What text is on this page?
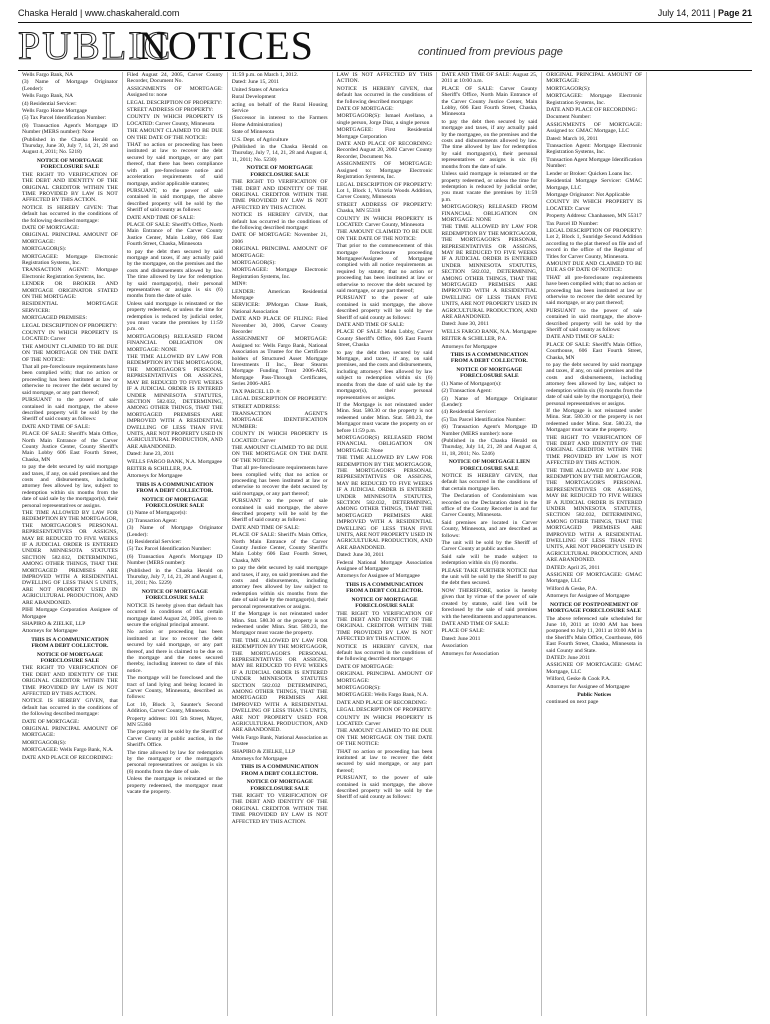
Chaska Herald | www.chaskaherald.com	July 14, 2011 | Page 21
PUBLIC
NOTICES	continued from previous page

Wells Fargo Bank, NA

(3) Name of Mortgage Originator (Lender):

Wells Fargo Bank, NA

(4) Residential Servicer:

Wells Fargo Home Mortgage

(5) Tax Parcel Identification Number:

(6) Transaction Agent's Mortgage ID Number (MERS number): None

(Published in the Chaska Herald on Thursday, June 30, July 7, 14, 21, 28 and August 4, 2011; No. 5218)

NOTICE OF MORTGAGE FORECLOSURE SALE

THE RIGHT TO VERIFICATION OF THE DEBT AND IDENTITY OF THE ORIGINAL CREDITOR WITHIN THE TIME PROVIDED BY LAW IS NOT AFFECTED BY THIS ACTION.

NOTICE IS HEREBY GIVEN: That default has occurred in the conditions of the following described mortgage:

DATE OF MORTGAGE:

ORIGINAL PRINCIPAL AMOUNT OF MORTGAGE:

MORTGAGOR(S):

MORTGAGEE: Mortgage Electronic Registration Systems, Inc.

TRANSACTION AGENT: Mortgage Electronic Registration Systems, Inc.

LENDER OR BROKER AND MORTGAGE ORIGINATOR STATED ON THE MORTGAGE:

RESIDENTIAL MORTGAGE SERVICER:

MORTGAGED PREMISES:

LEGAL DESCRIPTION OF PROPERTY:

COUNTY IN WHICH PROPERTY IS LOCATED: Carver

THE AMOUNT CLAIMED TO BE DUE ON THE MORTGAGE ON THE DATE OF THE NOTICE:

That all pre-foreclosure requirements have been complied with; that no action or proceeding has been instituted at law or otherwise to recover the debt secured by said mortgage, or any part thereof;

PURSUANT to the power of sale contained in said mortgage, the above described property will be sold by the Sheriff of said county as follows:

DATE AND TIME OF SALE:

PLACE OF SALE: Sheriff's Main Office, North Main Entrance of the Carver County Justice Center, County Sheriff's Main Lobby 606 East Fourth Street, Chaska, MN

to pay the debt secured by said mortgage and taxes, if any, on said premises and the costs and disbursements, including attorney fees allowed by law, subject to redemption within six months from the date of said sale by the mortgagor(s), their personal representatives or assigns.

THE TIME ALLOWED BY LAW FOR REDEMPTION BY THE MORTGAGOR, THE MORTGAGOR'S PERSONAL REPRESENTATIVES OR ASSIGNS, MAY BE REDUCED TO FIVE WEEKS IF A JUDICIAL ORDER IS ENTERED UNDER MINNESOTA STATUTES SECTION 582.032, DETERMINING, AMONG OTHER THINGS, THAT THE MORTGAGED PREMISES ARE IMPROVED WITH A RESIDENTIAL DWELLING OF LESS THAN 5 UNITS, ARE NOT PROPERTY USED IN AGRICULTURAL PRODUCTION, AND ARE ABANDONED.

PIHI Mortgage Corporation Assignee of Mortgagee

SHAPIRO & ZIELKE, LLP

Attorneys for Mortgagee

THIS IS A COMMUNICATION FROM A DEBT COLLECTOR.

NOTICE OF MORTGAGE FORECLOSURE SALE

THE RIGHT TO VERIFICATION OF THE DEBT AND IDENTITY OF THE ORIGINAL CREDITOR WITHIN THE TIME PROVIDED BY LAW IS NOT AFFECTED BY THIS ACTION.

NOTICE IS HEREBY GIVEN, that default has occurred in the conditions of the following described mortgage:

DATE OF MORTGAGE:

ORIGINAL PRINCIPAL AMOUNT OF MORTGAGE:

MORTGAGOR(S):

MORTGAGEE: Wells Fargo Bank, N.A.

DATE AND PLACE OF RECORDING:

Filed August 24, 2005, Carver County Recorder, Document No.

ASSIGNMENTS OF MORTGAGE: Assigned to: none

LEGAL DESCRIPTION OF PROPERTY:

STREET ADDRESS OF PROPERTY:

COUNTY IN WHICH PROPERTY IS LOCATED: Carver County, Minnesota

THE AMOUNT CLAIMED TO BE DUE ON THE DATE OF THE NOTICE:

THAT no action or proceeding has been instituted at law to recover the debt secured by said mortgage, or any part thereof, that there has been compliance with all pre-foreclosure notice and acceleration requirements of said mortgage, and/or applicable statutes;

PURSUANT, to the power of sale contained in said mortgage, the above described property will be sold by the Sheriff of said county as follows:

DATE AND TIME OF SALE:

PLACE OF SALE: Sheriff's Office, North Main Entrance of the Carver County Justice Center, Main Lobby, 606 East Fourth Street, Chaska, Minnesota

to pay the debt then secured by said mortgage and taxes, if any actually paid by the mortgagee, on the premises and the costs and disbursements allowed by law. The time allowed by law for redemption by said mortgagor(s), their personal representatives or assigns is six (6) months from the date of sale.

Unless said mortgage is reinstated or the property redeemed, or unless the time for redemption is reduced by judicial order, you must vacate the premises by 11:59 p.m. on

MORTGAGOR(S) RELEASED FROM FINANCIAL OBLIGATION ON MORTGAGE: NONE

THE TIME ALLOWED BY LAW FOR REDEMPTION BY THE MORTGAGOR, THE MORTGAGOR'S PERSONAL REPRESENTATIVES OR ASSIGNS, MAY BE REDUCED TO FIVE WEEKS IF A JUDICIAL ORDER IS ENTERED UNDER MINNESOTA STATUTES, SECTION 582.032, DETERMINING, AMONG OTHER THINGS, THAT THE MORTGAGED PREMISES ARE IMPROVED WITH A RESIDENTIAL DWELLING OF LESS THAN FIVE UNITS, ARE NOT PROPERTY USED IN AGRICULTURAL PRODUCTION, AND ARE ABANDONED.

Dated: June 23, 2011

WELLS FARGO BANK, N.A. Mortgagee

REITER & SCHILLER, P.A.

Attorneys for Mortgagee

THIS IS A COMMUNICATION FROM A DEBT COLLECTOR.

NOTICE OF MORTGAGE FORECLOSURE SALE

(1) Name of Mortgagor(s):

(2) Transaction Agent:

(3) Name of Mortgage Originator (Lender):

(4) Residential Servicer:

(5) Tax Parcel Identification Number:

(6) Transaction Agent's Mortgage ID Number (MERS number):

(Published in the Chaska Herald on Thursday, July 7, 14, 21, 28 and August 4, 11, 2011; No. 5229)

NOTICE OF MORTGAGE FORECLOSURE SALE

NOTICE IS hereby given that default has occurred in conditions of that certain mortgage dated August 24, 2005, given to secure the original principal amount.

No action or proceeding has been instituted at law to recover the debt secured by said mortgage, or any part thereof, and there is claimed to be due on the mortgage and the notes secured thereby, including interest to date of this notice.

The mortgage will be foreclosed and the tract of land lying and being located in Carver County, Minnesota, described as follows:

Lot 10, Block 3, Saunter's Second Addition, Carver County, Minnesota.

Property address: 101 5th Street, Mayer, MN 55360

The property will be sold by the Sheriff of Carver County at public auction, in the Sheriff's Office.

The time allowed by law for redemption by the mortgagor or the mortgagor's personal representatives or assigns is six (6) months from the date of sale.

Unless the mortgage is reinstated or the property redeemed, the mortgagor must vacate the property.

11:59 p.m. on March 1, 2012.

Dated: June 15, 2011

United States of America

Rural Development

acting on behalf of the Rural Housing Service

(Successor in interest to the Farmers Home Administration)

State of Minnesota

U.S. Dept. of Agriculture

(Published in the Chaska Herald on Thursday, July 7, 14, 21, 28 and August 4, 11, 2011; No. 5230)

NOTICE OF MORTGAGE FORECLOSURE SALE

THE RIGHT TO VERIFICATION OF THE DEBT AND IDENTITY OF THE ORIGINAL CREDITOR WITHIN THE TIME PROVIDED BY LAW IS NOT AFFECTED BY THIS ACTION.

NOTICE IS HEREBY GIVEN, that default has occurred in the conditions of the following described mortgage:

DATE OF MORTGAGE: November 21, 2006

ORIGINAL PRINCIPAL AMOUNT OF MORTGAGE:

MORTGAGOR(S):

MORTGAGEE: Mortgage Electronic Registration Systems, Inc.

MIN#:

LENDER: American Residential Mortgage

SERVICER: JPMorgan Chase Bank, National Association

DATE AND PLACE OF FILING: Filed November 30, 2006, Carver County Recorder

ASSIGNMENT OF MORTGAGE: Assigned to: Wells Fargo Bank, National Association as Trustee for the Certificate holders of Structured Asset Mortgage Investments II Inc., Bear Stearns Mortgage Funding Trust 2006-AR5, Mortgage Pass-Through Certificates, Series 2006-AR5

TAX PARCEL I.D. #:

LEGAL DESCRIPTION OF PROPERTY:

STREET ADDRESS:

TRANSACTION AGENT'S MORTGAGE IDENTIFICATION NUMBER:

COUNTY IN WHICH PROPERTY IS LOCATED: Carver

THE AMOUNT CLAIMED TO BE DUE ON THE MORTGAGE ON THE DATE OF THE NOTICE:

That all pre-foreclosure requirements have been complied with; that no action or proceeding has been instituted at law or otherwise to recover the debt secured by said mortgage, or any part thereof;

PURSUANT to the power of sale contained in said mortgage, the above described property will be sold by the Sheriff of said county as follows:

DATE AND TIME OF SALE:

PLACE OF SALE: Sheriff's Main Office, North Main Entrance of the Carver County Justice Center, County Sheriff's Main Lobby 606 East Fourth Street, Chaska, MN

to pay the debt secured by said mortgage and taxes, if any, on said premises and the costs and disbursements, including attorney fees allowed by law subject to redemption within six months from the date of said sale by the mortgagor(s), their personal representatives or assigns.

If the Mortgage is not reinstated under Minn. Stat. 580.30 or the property is not redeemed under Minn. Stat. 580.23, the Mortgagor must vacate the property.

THE TIME ALLOWED BY LAW FOR REDEMPTION BY THE MORTGAGOR, THE MORTGAGOR'S PERSONAL REPRESENTATIVES OR ASSIGNS, MAY BE REDUCED TO FIVE WEEKS IF A JUDICIAL ORDER IS ENTERED UNDER MINNESOTA STATUTES SECTION 582.032 DETERMINING, AMONG OTHER THINGS, THAT THE MORTGAGED PREMISES ARE IMPROVED WITH A RESIDENTIAL DWELLING OF LESS THAN 5 UNITS, ARE NOT PROPERTY USED FOR AGRICULTURAL PRODUCTION, AND ARE ABANDONED.

Wells Fargo Bank, National Association as Trustee

SHAPIRO & ZIELKE, LLP

Attorneys for Mortgagee

THIS IS A COMMUNICATION FROM A DEBT COLLECTOR.

NOTICE OF MORTGAGE FORECLOSURE SALE

THE RIGHT TO VERIFICATION OF THE DEBT AND IDENTITY OF THE ORIGINAL CREDITOR WITHIN THE TIME PROVIDED BY LAW IS NOT AFFECTED BY THIS ACTION.

LAW IS NOT AFFECTED BY THIS ACTION.

NOTICE IS HEREBY GIVEN, that default has occurred in the conditions of the following described mortgage:

DATE OF MORTGAGE:

MORTGAGOR(S): Ismael Arellano, a single person, Jorge Diaz, a single person

MORTGAGEE: First Residential Mortgage Corporation

DATE AND PLACE OF RECORDING: Recorded August 20, 2002 Carver County Recorder, Document No.

ASSIGNMENTS OF MORTGAGE: Assigned to: Mortgage Electronic Registration Systems, Inc.

LEGAL DESCRIPTION OF PROPERTY: Lot 1, Block 1, Victoria Woods Addition, Carver County, Minnesota

STREET ADDRESS OF PROPERTY: Chaska, MN 55318

COUNTY IN WHICH PROPERTY IS LOCATED: Carver County, Minnesota

THE AMOUNT CLAIMED TO BE DUE ON THE DATE OF THE NOTICE:

That prior to the commencement of this mortgage foreclosure proceeding Mortgagee/Assignee of Mortgagee complied with all notice requirements as required by statute; that no action or proceeding has been instituted at law or otherwise to recover the debt secured by said mortgage, or any part thereof;

PURSUANT to the power of sale contained in said mortgage, the above described property will be sold by the Sheriff of said county as follows:

DATE AND TIME OF SALE:

PLACE OF SALE: Main Lobby, Carver County Sheriff's Office, 606 East Fourth Street, Chaska

to pay the debt then secured by said Mortgage, and taxes, if any, on said premises, and the costs and disbursements, including attorneys' fees allowed by law subject to redemption within six (6) months from the date of said sale by the mortgagor(s), their personal representatives or assigns.

If the Mortgage is not reinstated under Minn. Stat. 580.30 or the property is not redeemed under Minn. Stat. 580.23, the Mortgagor must vacate the property on or before 11:59 p.m.

MORTGAGOR(S) RELEASED FROM FINANCIAL OBLIGATION ON MORTGAGE: None

THE TIME ALLOWED BY LAW FOR REDEMPTION BY THE MORTGAGOR, THE MORTGAGOR'S PERSONAL REPRESENTATIVES OR ASSIGNS, MAY BE REDUCED TO FIVE WEEKS IF A JUDICIAL ORDER IS ENTERED UNDER MINNESOTA STATUTES, SECTION 582.032, DETERMINING, AMONG OTHER THINGS, THAT THE MORTGAGED PREMISES ARE IMPROVED WITH A RESIDENTIAL DWELLING OF LESS THAN FIVE UNITS, ARE NOT PROPERTY USED IN AGRICULTURAL PRODUCTION, AND ARE ABANDONED.

Dated: June 30, 2011

Federal National Mortgage Association Assignee of Mortgagee

Attorneys for Assignee of Mortgagee

THIS IS A COMMUNICATION FROM A DEBT COLLECTOR.

NOTICE OF MORTGAGE FORECLOSURE SALE

THE RIGHT TO VERIFICATION OF THE DEBT AND IDENTITY OF THE ORIGINAL CREDITOR WITHIN THE TIME PROVIDED BY LAW IS NOT AFFECTED BY THIS ACTION.

NOTICE IS HEREBY GIVEN, that default has occurred in the conditions of the following described mortgage:

DATE OF MORTGAGE:

ORIGINAL PRINCIPAL AMOUNT OF MORTGAGE:

MORTGAGOR(S):

MORTGAGEE: Wells Fargo Bank, N.A.

DATE AND PLACE OF RECORDING:

LEGAL DESCRIPTION OF PROPERTY:

COUNTY IN WHICH PROPERTY IS LOCATED: Carver

THE AMOUNT CLAIMED TO BE DUE ON THE MORTGAGE ON THE DATE OF THE NOTICE:

THAT no action or proceeding has been instituted at law to recover the debt secured by said mortgage, or any part thereof;

PURSUANT, to the power of sale contained in said mortgage, the above described property will be sold by the Sheriff of said county as follows:

DATE AND TIME OF SALE: August 25, 2011 at 10:00 a.m.

PLACE OF SALE: Carver County Sheriff's Office, North Main Entrance of the Carver County Justice Center, Main Lobby, 606 East Fourth Street, Chaska, Minnesota

to pay the debt then secured by said mortgage and taxes, if any actually paid by the mortgagee, on the premises and the costs and disbursements allowed by law. The time allowed by law for redemption by said mortgagor(s), their personal representatives or assigns is six (6) months from the date of sale.

Unless said mortgage is reinstated or the property redeemed, or unless the time for redemption is reduced by judicial order, you must vacate the premises by 11:59 p.m.

MORTGAGOR(S) RELEASED FROM FINANCIAL OBLIGATION ON MORTGAGE: NONE

THE TIME ALLOWED BY LAW FOR REDEMPTION BY THE MORTGAGOR, THE MORTGAGOR'S PERSONAL REPRESENTATIVES OR ASSIGNS, MAY BE REDUCED TO FIVE WEEKS IF A JUDICIAL ORDER IS ENTERED UNDER MINNESOTA STATUTES, SECTION 582.032, DETERMINING, AMONG OTHER THINGS, THAT THE MORTGAGED PREMISES ARE IMPROVED WITH A RESIDENTIAL DWELLING OF LESS THAN FIVE UNITS, ARE NOT PROPERTY USED IN AGRICULTURAL PRODUCTION, AND ARE ABANDONED.

Dated: June 30, 2011

WELLS FARGO BANK, N.A. Mortgagee

REITER & SCHILLER, P.A.

Attorneys for Mortgagee

THIS IS A COMMUNICATION FROM A DEBT COLLECTOR.

NOTICE OF MORTGAGE FORECLOSURE SALE

(1) Name of Mortgagor(s):

(2) Transaction Agent:

(3) Name of Mortgage Originator (Lender):

(4) Residential Servicer:

(5) Tax Parcel Identification Number:

(6) Transaction Agent's Mortgage ID Number (MERS number): none

(Published in the Chaska Herald on Thursday, July 14, 21, 28 and August 4, 11, 18, 2011; No. 5246)

NOTICE OF MORTGAGE LIEN FORECLOSURE SALE

NOTICE IS HEREBY GIVEN, that default has occurred in the conditions of that certain mortgage lien.

The Declaration of Condominium was recorded on the Declaration dated in the office of the County Recorder in and for Carver County, Minnesota.

Said premises are located in Carver County, Minnesota, and are described as follows:

The unit will be sold by the Sheriff of Carver County at public auction.

Said sale will be made subject to redemption within six (6) months.

PLEASE TAKE FURTHER NOTICE that the unit will be sold by the Sheriff to pay the debt then secured.

NOW THEREFORE, notice is hereby given that by virtue of the power of sale created by statute, said lien will be foreclosed by the sale of said premises with the hereditaments and appurtenances.

DATE AND TIME OF SALE:

PLACE OF SALE:

Dated: June 2011

Association

Attorneys for Association

ORIGINAL PRINCIPAL AMOUNT OF MORTGAGE:

MORTGAGOR(S):

MORTGAGEE: Mortgage Electronic Registration Systems, Inc.

DATE AND PLACE OF RECORDING:

Document Number:

ASSIGNMENTS OF MORTGAGE: Assigned to: GMAC Mortgage, LLC

Dated: March 16, 2011

Transaction Agent: Mortgage Electronic Registration Systems, Inc.

Transaction Agent Mortgage Identification Number:

Lender or Broker: Quicken Loans Inc.

Residential Mortgage Servicer: GMAC Mortgage, LLC

Mortgage Originator: Not Applicable

COUNTY IN WHICH PROPERTY IS LOCATED: Carver

Property Address: Chanhassen, MN 55317

Tax Parcel ID Number:

LEGAL DESCRIPTION OF PROPERTY: Lot 2, Block 1, Sunridge Second Addition according to the plat thereof on file and of record in the office of the Registrar of Titles for Carver County, Minnesota.

AMOUNT DUE AND CLAIMED TO BE DUE AS OF DATE OF NOTICE:

THAT all pre-foreclosure requirements have been complied with; that no action or proceeding has been instituted at law or otherwise to recover the debt secured by said mortgage, or any part thereof;

PURSUANT to the power of sale contained in said mortgage, the above-described property will be sold by the Sheriff of said county as follows:

DATE AND TIME OF SALE:

PLACE OF SALE: Sheriff's Main Office, Courthouse, 606 East Fourth Street, Chaska, MN

to pay the debt secured by said mortgage and taxes, if any, on said premises and the costs and disbursements, including attorney fees allowed by law, subject to redemption within six (6) months from the date of said sale by the mortgagor(s), their personal representatives or assigns.

If the Mortgage is not reinstated under Minn. Stat. 580.30 or the property is not redeemed under Minn. Stat. 580.23, the Mortgagor must vacate the property.

THE RIGHT TO VERIFICATION OF THE DEBT AND IDENTITY OF THE ORIGINAL CREDITOR WITHIN THE TIME PROVIDED BY LAW IS NOT AFFECTED BY THIS ACTION.

THE TIME ALLOWED BY LAW FOR REDEMPTION BY THE MORTGAGOR, THE MORTGAGOR'S PERSONAL REPRESENTATIVES OR ASSIGNS, MAY BE REDUCED TO FIVE WEEKS IF A JUDICIAL ORDER IS ENTERED UNDER MINNESOTA STATUTES, SECTION 582.032, DETERMINING, AMONG OTHER THINGS, THAT THE MORTGAGED PREMISES ARE IMPROVED WITH A RESIDENTIAL DWELLING OF LESS THAN FIVE UNITS, ARE NOT PROPERTY USED IN AGRICULTURAL PRODUCTION, AND ARE ABANDONED.

DATED: April 25, 2011

ASSIGNEE OF MORTGAGEE: GMAC Mortgage, LLC

Wilford & Geske, P.A.

Attorneys for Assignee of Mortgagee

NOTICE OF POSTPONEMENT OF MORTGAGE FORECLOSURE SALE

The above referenced sale scheduled for June 10, 2011 at 10:00 AM has been postponed to July 11, 2011 at 10:00 AM in the Sheriff's Main Office, Courthouse, 606 East Fourth Street, Chaska, Minnesota in said County and State.

DATED: June 2011

ASSIGNEE OF MORTGAGEE: GMAC Mortgage, LLC

Wilford, Geske & Cook P.A.

Attorneys for Assignee of Mortgagee

Public Notices

continued on next page
